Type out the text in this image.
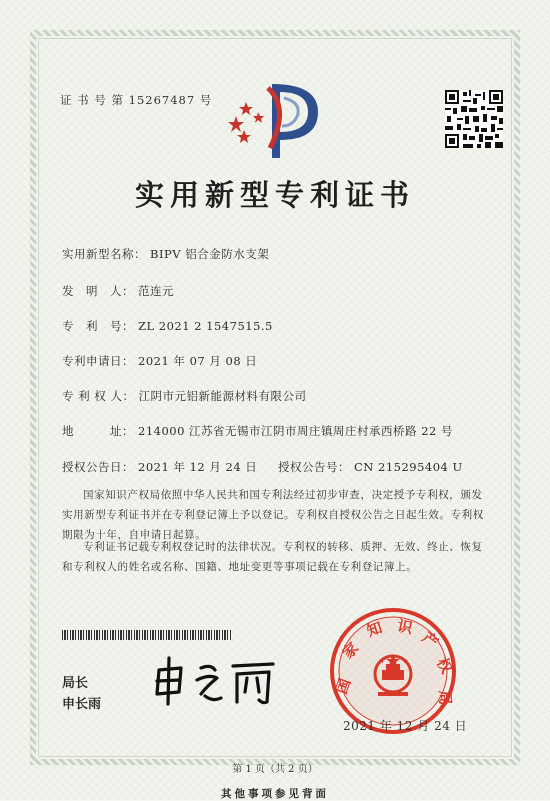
证 书 号 第 15267487 号
实用新型专利证书
实用新型名称： BIPV 铝合金防水支架
发　明　人： 范连元
专　利　号： ZL 2021 2 1547515.5
专利申请日： 2021 年 07 月 08 日
专 利 权 人： 江阴市元铝新能源材料有限公司
地　　　址： 214000 江苏省无锡市江阴市周庄镇周庄村承西桥路 22 号
授权公告日： 2021 年 12 月 24 日 授权公告号： CN 215295404 U
国家知识产权局依照中华人民共和国专利法经过初步审查，决定授予专利权，颁发实用新型专利证书并在专利登记簿上予以登记。专利权自授权公告之日起生效。专利权期限为十年，自申请日起算。
专利证书记载专利权登记时的法律状况。专利权的转移、质押、无效、终止、恢复和专利权人的姓名或名称、国籍、地址变更等事项记载在专利登记簿上。
局长
申长雨
国
家
知 识
产
权
局
2021 年 12 月 24 日
第 1 页（共 2 页）
其他事项参见背面
